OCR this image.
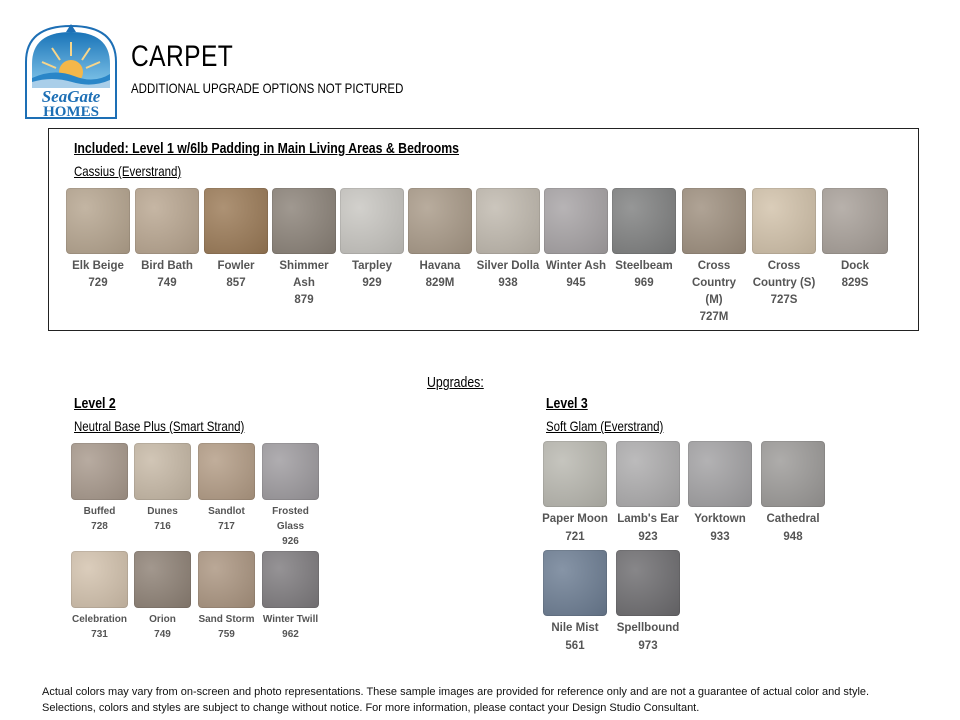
SeaGate
HOMES
CARPET
ADDITIONAL UPGRADE OPTIONS NOT PICTURED
Included: Level 1 w/6lb Padding in Main Living Areas & Bedrooms
Cassius (Everstrand)
Elk Beige
729
Bird Bath
749
Fowler
857
Shimmer Ash
879
Tarpley
929
Havana
829M
Silver Dolla
938
Winter Ash
945
Steelbeam
969
Cross Country (M)
727M
Cross Country (S)
727S
Dock
829S
Upgrades:
Level 2
Neutral Base Plus (Smart Strand)
Buffed
728
Dunes
716
Sandlot
717
Frosted Glass
926
Celebration
731
Orion
749
Sand Storm
759
Winter Twill
962
Level 3
Soft Glam (Everstrand)
Paper Moon
721
Lamb's Ear
923
Yorktown
933
Cathedral
948
Nile Mist
561
Spellbound
973
Actual colors may vary from on-screen and photo representations. These sample images are provided for reference only and are not a guarantee of actual color and style. Selections, colors and styles are subject to change without notice. For more information, please contact your Design Studio Consultant.
